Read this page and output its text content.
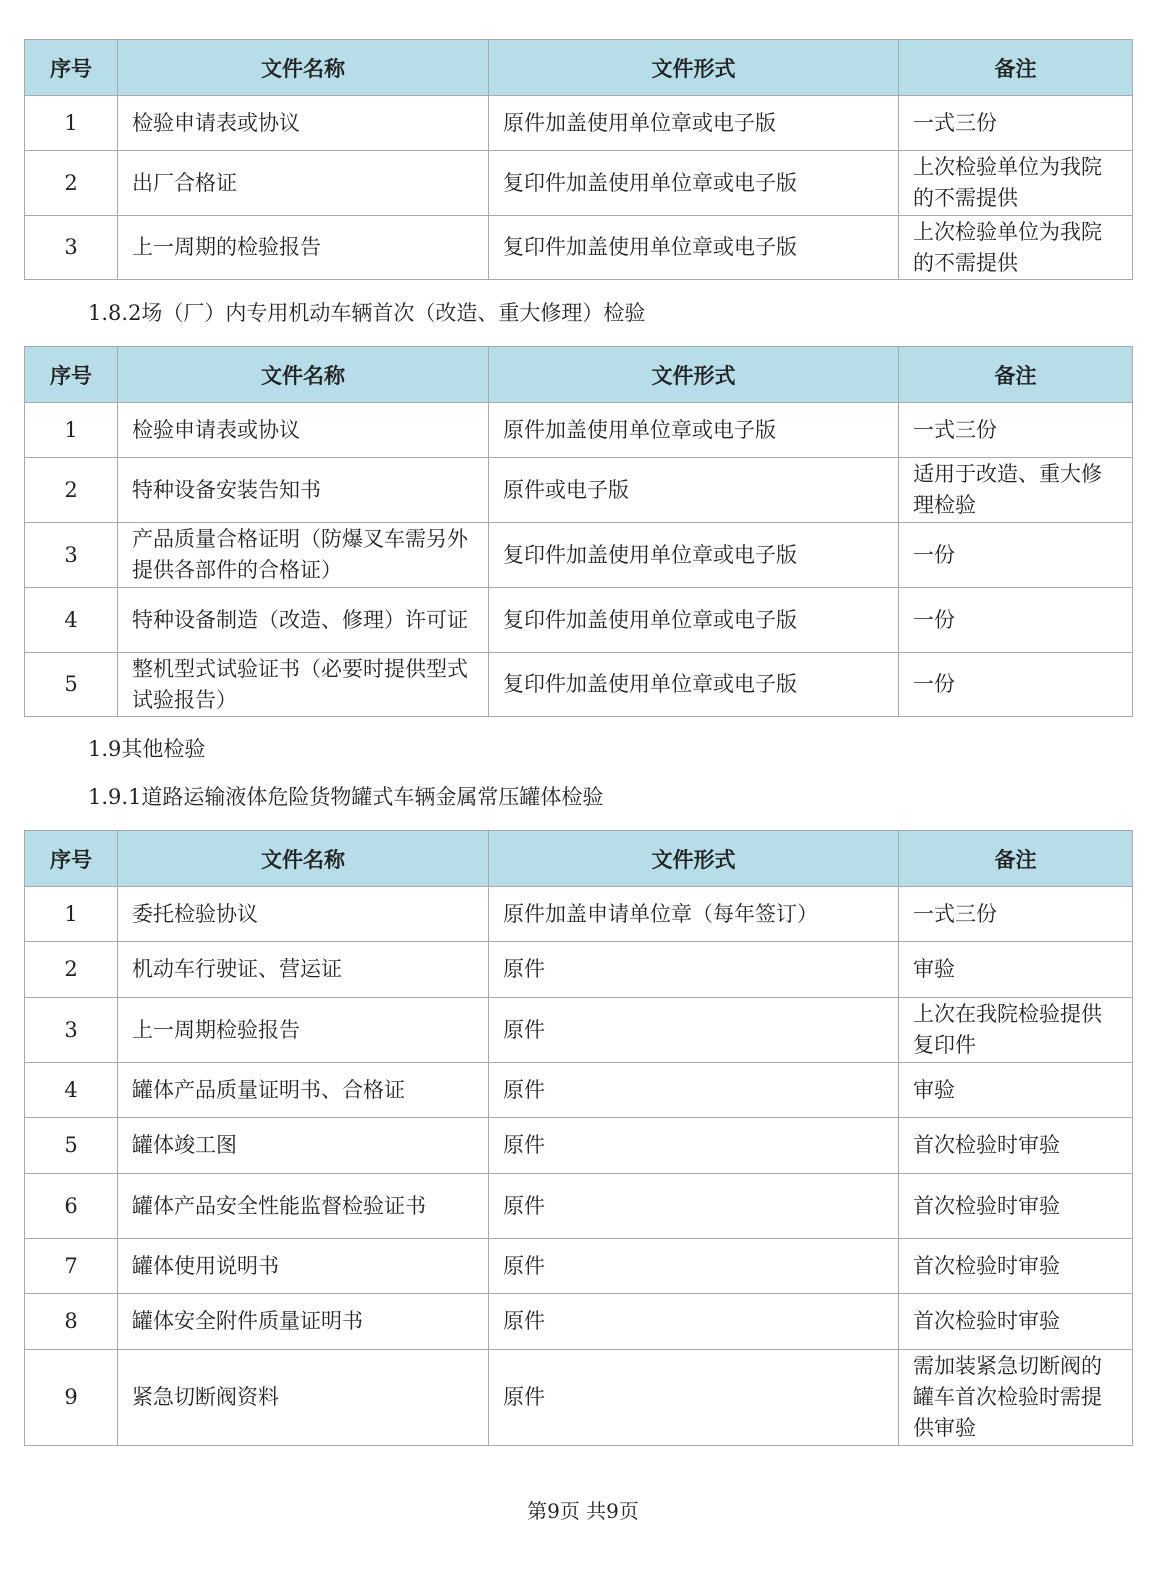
序号	文件名称	文件形式	备注
1	检验申请表或协议	原件加盖使用单位章或电子版	一式三份
2	出厂合格证	复印件加盖使用单位章或电子版	上次检验单位为我院的不需提供
3	上一周期的检验报告	复印件加盖使用单位章或电子版	上次检验单位为我院的不需提供

1.8.2场（厂）内专用机动车辆首次（改造、重大修理）检验

序号	文件名称	文件形式	备注
1	检验申请表或协议	原件加盖使用单位章或电子版	一式三份
2	特种设备安装告知书	原件或电子版	适用于改造、重大修理检验
3	产品质量合格证明（防爆叉车需另外提供各部件的合格证）	复印件加盖使用单位章或电子版	一份
4	特种设备制造（改造、修理）许可证	复印件加盖使用单位章或电子版	一份
5	整机型式试验证书（必要时提供型式试验报告）	复印件加盖使用单位章或电子版	一份

1.9其他检验

1.9.1道路运输液体危险货物罐式车辆金属常压罐体检验

序号	文件名称	文件形式	备注
1	委托检验协议	原件加盖申请单位章（每年签订）	一式三份
2	机动车行驶证、营运证	原件	审验
3	上一周期检验报告	原件	上次在我院检验提供复印件
4	罐体产品质量证明书、合格证	原件	审验
5	罐体竣工图	原件	首次检验时审验
6	罐体产品安全性能监督检验证书	原件	首次检验时审验
7	罐体使用说明书	原件	首次检验时审验
8	罐体安全附件质量证明书	原件	首次检验时审验
9	紧急切断阀资料	原件	需加装紧急切断阀的罐车首次检验时需提供审验
第9页 共9页
